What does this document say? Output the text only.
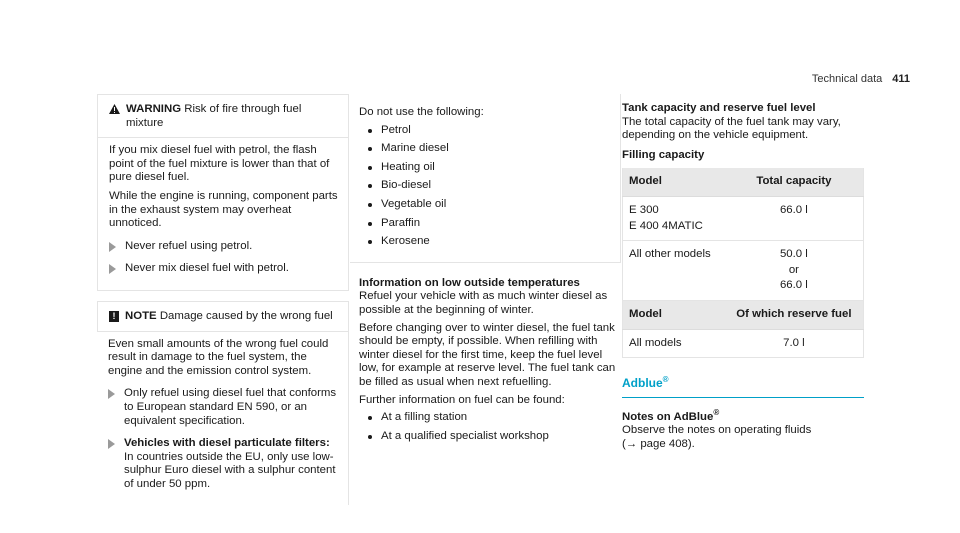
Technical data 411
WARNING Risk of fire through fuel mixture

If you mix diesel fuel with petrol, the flash point of the fuel mixture is lower than that of pure diesel fuel.

While the engine is running, component parts in the exhaust system may overheat unnoticed.

Never refuel using petrol.
Never mix diesel fuel with petrol.
! NOTE Damage caused by the wrong fuel

Even small amounts of the wrong fuel could result in damage to the fuel system, the engine and the emission control system.

Only refuel using diesel fuel that conforms to European standard EN 590, or an equivalent specification.
Vehicles with diesel particulate filters: In countries outside the EU, only use low-sulphur Euro diesel with a sulphur content of under 50 ppm.

Do not use the following:

Petrol
Marine diesel
Heating oil
Bio-diesel
Vegetable oil
Paraffin
Kerosene

Information on low outside temperatures

Refuel your vehicle with as much winter diesel as possible at the beginning of winter.

Before changing over to winter diesel, the fuel tank should be empty, if possible. When refilling with winter diesel for the first time, keep the fuel level low, for example at reserve level. The fuel tank can be filled as usual when next refuelling.

Further information on fuel can be found:

At a filling station
At a qualified specialist workshop

Tank capacity and reserve fuel level

The total capacity of the fuel tank may vary, depending on the vehicle equipment.

Filling capacity

Model	Total capacity

E 300
E 400 4MATIC	66.0 l
All other models	50.0 l
or
66.0 l

Model	Of which reserve fuel
All models	7.0 l
Adblue®

Notes on AdBlue®

Observe the notes on operating fluids

(→ page 408).
